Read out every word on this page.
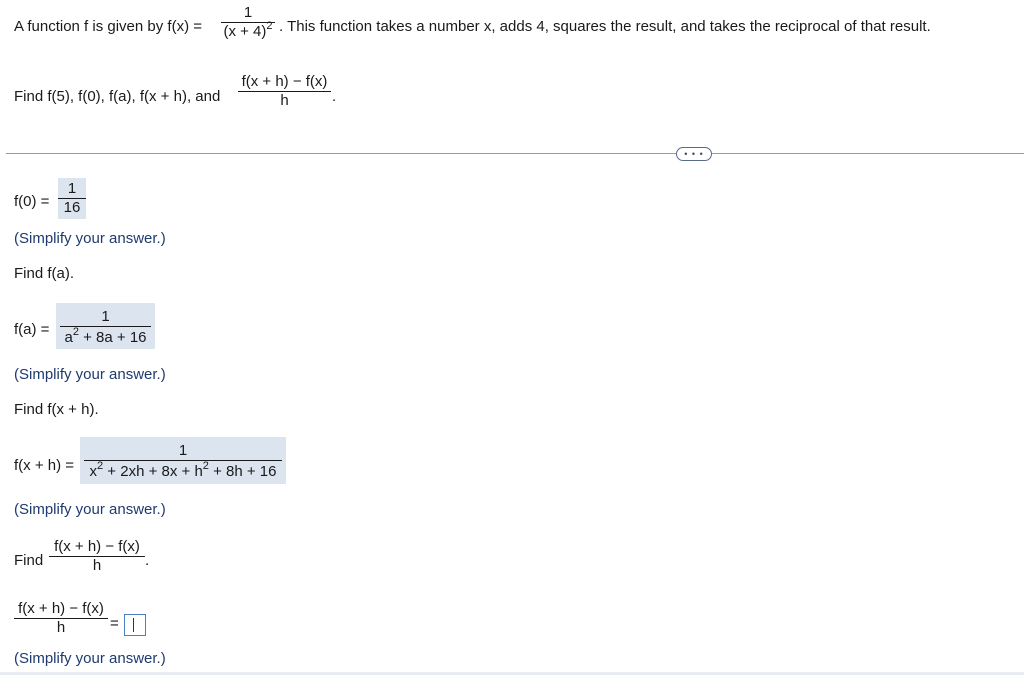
A function f is given by f(x) =
1
$(x + 4)^2$ . This function takes a number x, adds 4, squares the result, and takes the reciprocal of that result.
Find f(5), f(0), f(a), f(x + h), and
f(x + h) − f(x)
h	.
• • •
f(0) =
1
16
(Simplify your answer.)
Find f(a).
f(a) =
1
$a^2 + 8a + 16$
(Simplify your answer.)
Find f(x + h).
f(x + h) =
1
$x^2 + 2xh + 8x + h^2 + 8h + 16$
(Simplify your answer.)
Find
f(x + h) − f(x)
h	.
f(x + h) − f(x)
h	=
(Simplify your answer.)
